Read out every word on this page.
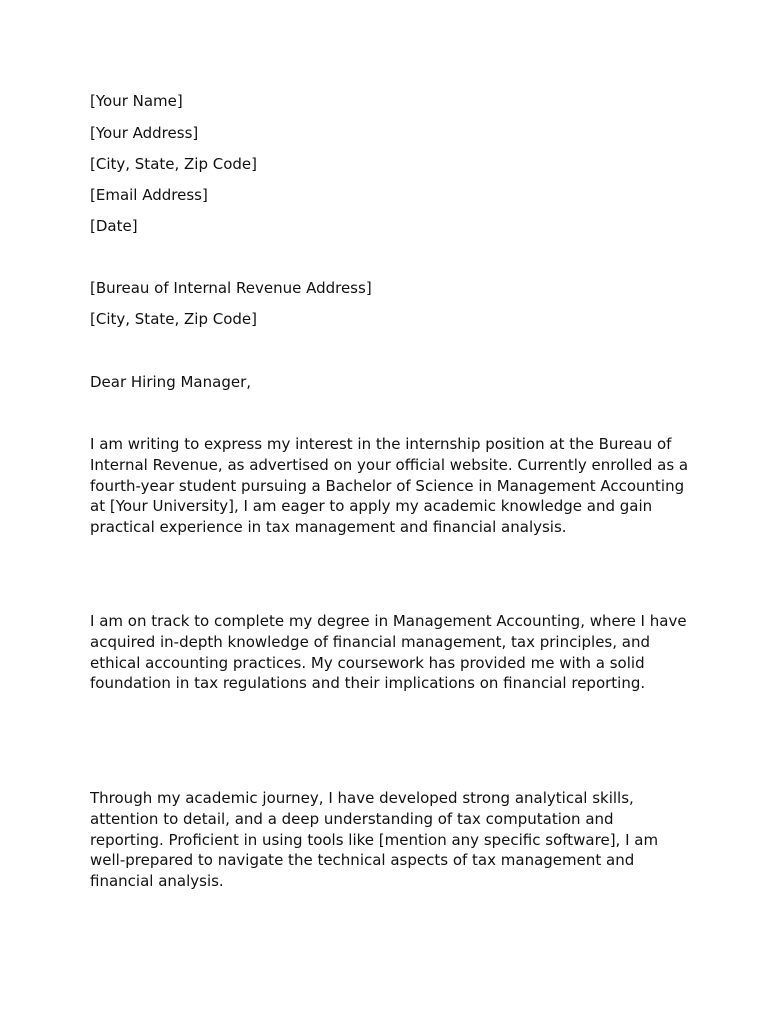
[Your Name]
[Your Address]
[City, State, Zip Code]
[Email Address]
[Date]
[Bureau of Internal Revenue Address]
[City, State, Zip Code]
Dear Hiring Manager,

I am writing to express my interest in the internship position at the Bureau of Internal Revenue, as advertised on your official website. Currently enrolled as a fourth-year student pursuing a Bachelor of Science in Management Accounting at [Your University], I am eager to apply my academic knowledge and gain practical experience in tax management and financial analysis.

I am on track to complete my degree in Management Accounting, where I have acquired in-depth knowledge of financial management, tax principles, and ethical accounting practices. My coursework has provided me with a solid foundation in tax regulations and their implications on financial reporting.

Through my academic journey, I have developed strong analytical skills, attention to detail, and a deep understanding of tax computation and reporting. Proficient in using tools like [mention any specific software], I am well-prepared to navigate the technical aspects of tax management and financial analysis.
